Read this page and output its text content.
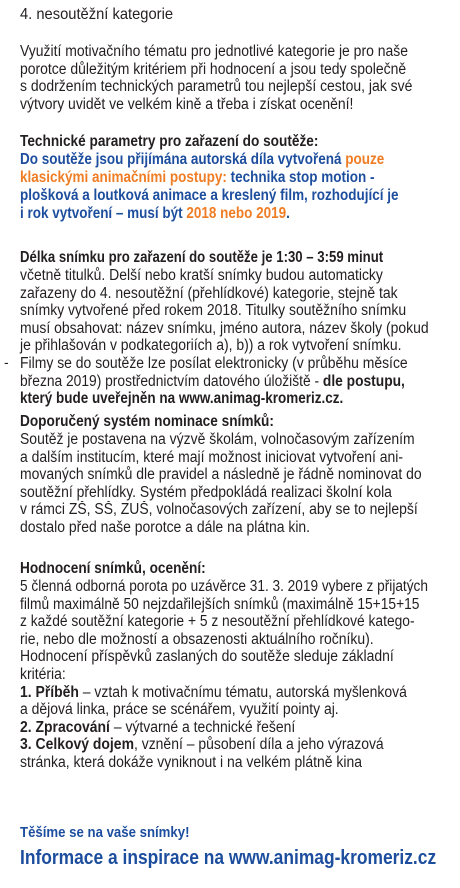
4. nesoutěžní kategorie
Využití motivačního tématu pro jednotlivé kategorie je pro naše
porotce důležitým kritériem při hodnocení a jsou tedy společně
s dodržením technických parametrů tou nejlepší cestou, jak své
výtvory uvidět ve velkém kině a třeba i získat ocenění!
Technické parametry pro zařazení do soutěže:
Do soutěže jsou přijímána autorská díla vytvořená pouze
klasickými animačními postupy: technika stop motion -
plošková a loutková animace a kreslený film, rozhodující je
i rok vytvoření – musí být 2018 nebo 2019.
Délka snímku pro zařazení do soutěže je 1:30 – 3:59 minut
včetně titulků. Delší nebo kratší snímky budou automaticky
zařazeny do 4. nesoutěžní (přehlídkové) kategorie, stejně tak
snímky vytvořené před rokem 2018. Titulky soutěžního snímku
musí obsahovat: název snímku, jméno autora, název školy (pokud
je přihlašován v podkategoriích a), b)) a rok vytvoření snímku.
Filmy se do soutěže lze posílat elektronicky (v průběhu měsíce
března 2019) prostřednictvím datového úložiště - dle postupu,
který bude uveřejněn na www.animag-kromeriz.cz.
Doporučený systém nominace snímků:
Soutěž je postavena na výzvě školám, volnočasovým zařízením
a dalším institucím, které mají možnost iniciovat vytvoření ani-
movaných snímků dle pravidel a následně je řádně nominovat do
soutěžní přehlídky. Systém předpokládá realizaci školní kola
v rámci ZŠ, SŠ, ZUŠ, volnočasových zařízení, aby se to nejlepší
dostalo před naše porotce a dále na plátna kin.
Hodnocení snímků, ocenění:
5 členná odborná porota po uzávěrce 31. 3. 2019 vybere z přijatých
filmů maximálně 50 nejzdařilejších snímků (maximálně 15+15+15
z každé soutěžní kategorie + 5 z nesoutěžní přehlídkové katego-
rie, nebo dle možností a obsazenosti aktuálního ročníku).
Hodnocení příspěvků zaslaných do soutěže sleduje základní
kritéria:
1. Příběh – vztah k motivačnímu tématu, autorská myšlenková
a dějová linka, práce se scénářem, využití pointy aj.
2. Zpracování – výtvarné a technické řešení
3. Celkový dojem, vznění – působení díla a jeho výrazová
stránka, která dokáže vyniknout i na velkém plátně kina
Těšíme se na vaše snímky!
Informace a inspirace na www.animag-kromeriz.cz
-
